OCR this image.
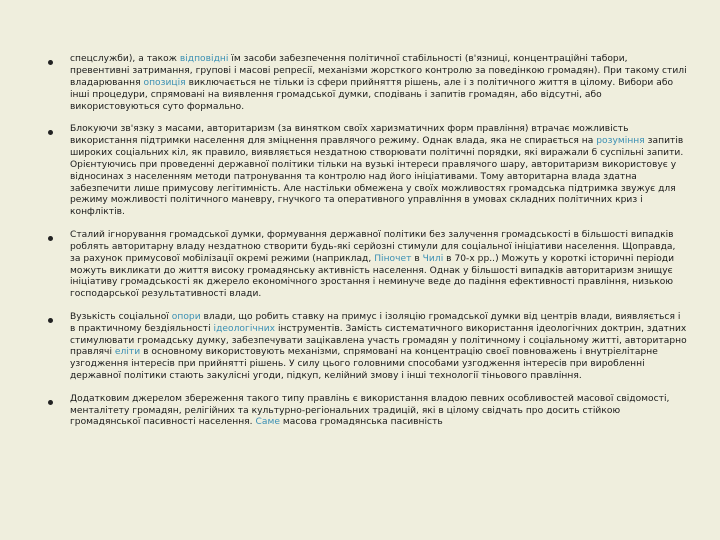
спецслужби), а також відповідні їм засоби забезпечення політичної стабільності (в'язниці, концентраційні табори, превентивні затримання, групові і масові репресії, механізми жорсткого контролю за поведінкою громадян). При такому стилі владарювання опозиція виключається не тільки із сфери прийняття рішень, але і з політичного життя в цілому. Вибори або інші процедури, спрямовані на виявлення громадської думки, сподівань і запитів громадян, або відсутні, або використовуються суто формально.
Блокуючи зв'язку з масами, авторитаризм (за винятком своїх харизматичних форм правління) втрачає можливість використання підтримки населення для зміцнення правлячого режиму. Однак влада, яка не спирається на розуміння запитів широких соціальних кіл, як правило, виявляється нездатною створювати політичні порядки, які виражали б суспільні запити. Орієнтуючись при проведенні державної політики тільки на вузькі інтереси правлячого шару, авторитаризм використовує у відносинах з населенням методи патронування та контролю над його ініціативами. Тому авторитарна влада здатна забезпечити лише примусову легітимність. Але настільки обмежена у своїх можливостях громадська підтримка звужує для режиму можливості політичного маневру, гнучкого та оперативного управління в умовах складних політичних криз і конфліктів.
Сталий ігнорування громадської думки, формування державної політики без залучення громадськості в більшості випадків роблять авторитарну владу нездатною створити будь-які серйозні стимули для соціальної ініціативи населення. Щоправда, за рахунок примусової мобілізації окремі режими (наприклад, Піночет в Чилі в 70-х рр..) Можуть у короткі історичні періоди можуть викликати до життя високу громадянську активність населення. Однак у більшості випадків авторитаризм знищує ініціативу громадськості як джерело економічного зростання і неминуче веде до падіння ефективності правління, низькою господарської результативності влади.
Вузькість соціальної опори влади, що робить ставку на примус і ізоляцію громадської думки від центрів влади, виявляється і в практичному бездіяльності ідеологічних інструментів. Замість систематичного використання ідеологічних доктрин, здатних стимулювати громадську думку, забезпечувати зацікавлена участь громадян у політичному і соціальному житті, авторитарно правлячі еліти в основному використовують механізми, спрямовані на концентрацію своєї повноважень і внутріелітарне узгодження інтересів при прийнятті рішень. У силу цього головними способами узгодження інтересів при виробленні державної політики стають закулісні угоди, підкуп, келійний змову і інші технології тіньового правління.
Додатковим джерелом збереження такого типу правлінь є використання владою певних особливостей масової свідомості, менталітету громадян, релігійних та культурно-регіональних традицій, які в цілому свідчать про досить стійкою громадянської пасивності населення. Саме масова громадянська пасивність
